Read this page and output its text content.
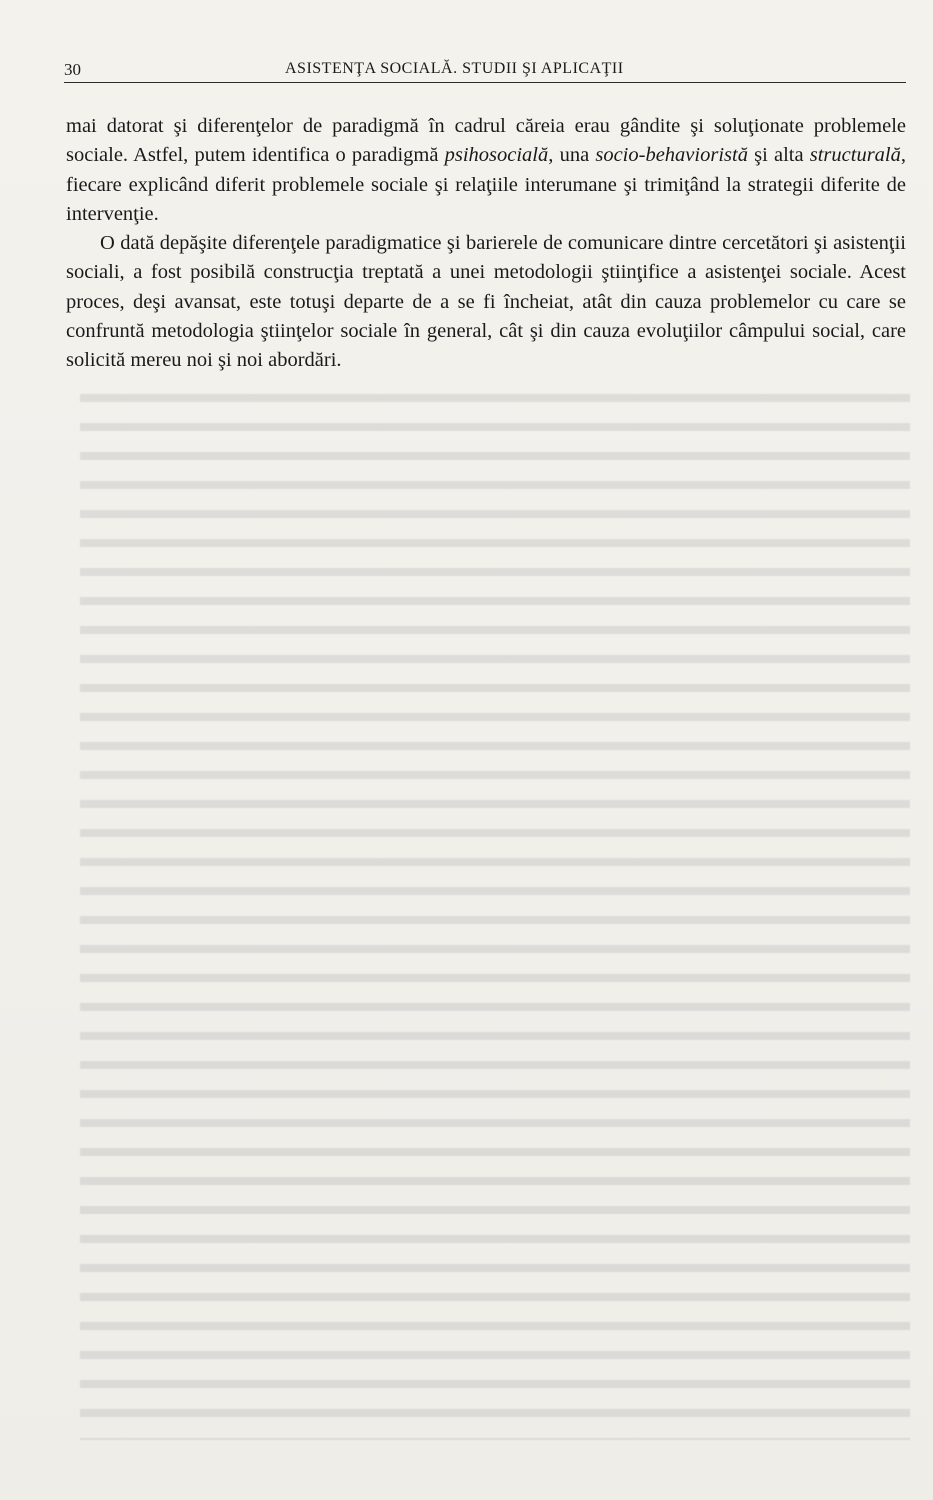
30	ASISTENŢA SOCIALĂ. STUDII ŞI APLICAŢII

mai datorat şi diferenţelor de paradigmă în cadrul căreia erau gândite şi soluţionate problemele sociale. Astfel, putem identifica o paradigmă psihosocială, una socio-behavioristă şi alta structurală, fiecare explicând diferit problemele sociale şi relaţiile interumane şi trimiţând la strategii diferite de intervenţie.

O dată depăşite diferenţele paradigmatice şi barierele de comunicare dintre cercetători şi asistenţii sociali, a fost posibilă construcţia treptată a unei metodologii ştiinţifice a asistenţei sociale. Acest proces, deşi avansat, este totuşi departe de a se fi încheiat, atât din cauza problemelor cu care se confruntă metodologia ştiinţelor sociale în general, cât şi din cauza evoluţiilor câmpului social, care solicită mereu noi şi noi abordări.
